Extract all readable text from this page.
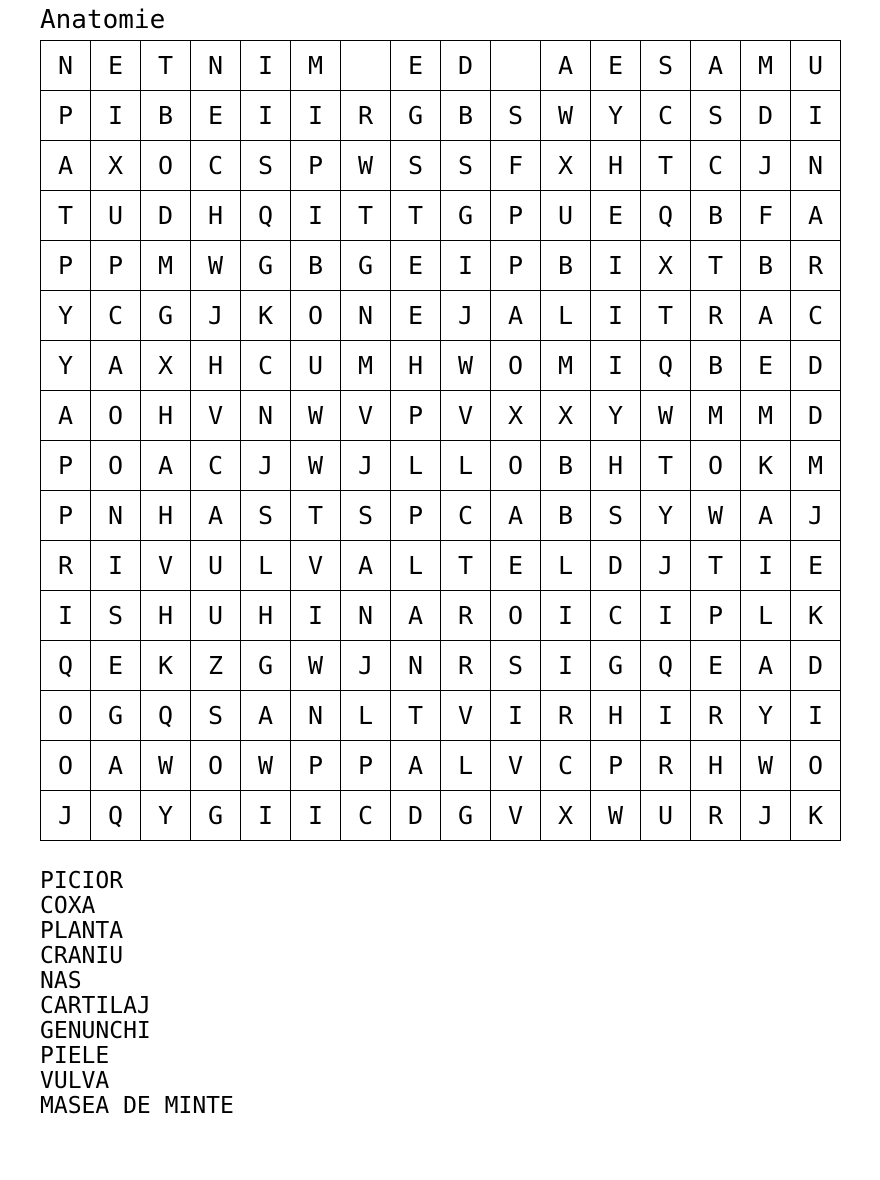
Anatomie
N	E	T	N	I	M		E	D		A	E	S	A	M	U
P	I	B	E	I	I	R	G	B	S	W	Y	C	S	D	I
A	X	O	C	S	P	W	S	S	F	X	H	T	C	J	N
T	U	D	H	Q	I	T	T	G	P	U	E	Q	B	F	A
P	P	M	W	G	B	G	E	I	P	B	I	X	T	B	R
Y	C	G	J	K	O	N	E	J	A	L	I	T	R	A	C
Y	A	X	H	C	U	M	H	W	O	M	I	Q	B	E	D
A	O	H	V	N	W	V	P	V	X	X	Y	W	M	M	D
P	O	A	C	J	W	J	L	L	O	B	H	T	O	K	M
P	N	H	A	S	T	S	P	C	A	B	S	Y	W	A	J
R	I	V	U	L	V	A	L	T	E	L	D	J	T	I	E
I	S	H	U	H	I	N	A	R	O	I	C	I	P	L	K
Q	E	K	Z	G	W	J	N	R	S	I	G	Q	E	A	D
O	G	Q	S	A	N	L	T	V	I	R	H	I	R	Y	I
O	A	W	O	W	P	P	A	L	V	C	P	R	H	W	O
J	Q	Y	G	I	I	C	D	G	V	X	W	U	R	J	K
PICIOR
COXA
PLANTA
CRANIU
NAS
CARTILAJ
GENUNCHI
PIELE
VULVA
MASEA DE MINTE
